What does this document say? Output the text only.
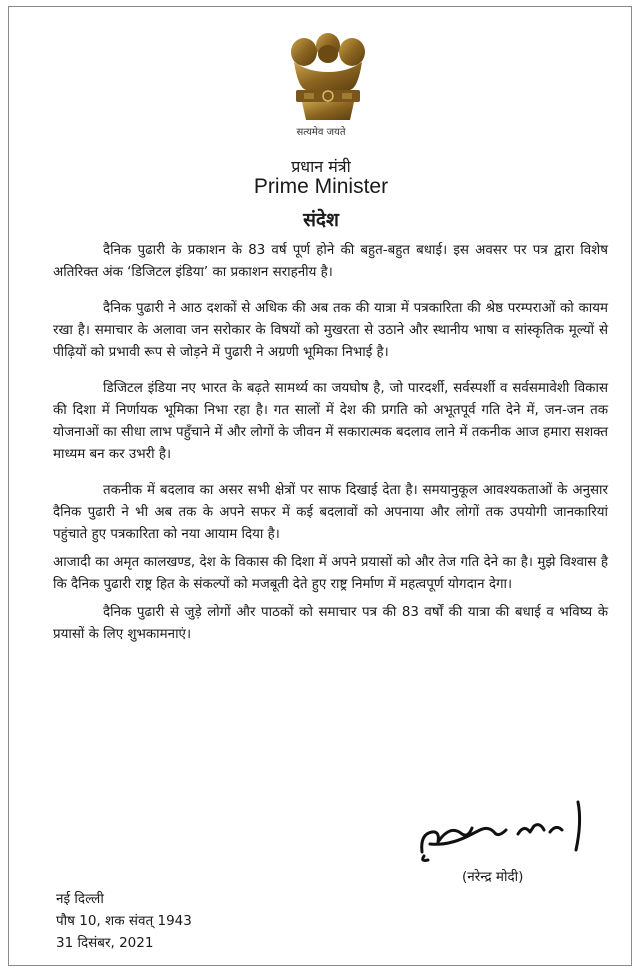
सत्यमेव जयते
प्रधान मंत्री
Prime Minister
संदेश

दैनिक पुढारी के प्रकाशन के 83 वर्ष पूर्ण होने की बहुत-बहुत बधाई। इस अवसर पर पत्र द्वारा विशेष अतिरिक्त अंक ‘डिजिटल इंडिया’ का प्रकाशन सराहनीय है।

दैनिक पुढारी ने आठ दशकों से अधिक की अब तक की यात्रा में पत्रकारिता की श्रेष्ठ परम्पराओं को कायम रखा है। समाचार के अलावा जन सरोकार के विषयों को मुखरता से उठाने और स्थानीय भाषा व सांस्कृतिक मूल्यों से पीढ़ियों को प्रभावी रूप से जोड़ने में पुढारी ने अग्रणी भूमिका निभाई है।

डिजिटल इंडिया नए भारत के बढ़ते सामर्थ्य का जयघोष है, जो पारदर्शी, सर्वस्पर्शी व सर्वसमावेशी विकास की दिशा में निर्णायक भूमिका निभा रहा है। गत सालों में देश की प्रगति को अभूतपूर्व गति देने में, जन-जन तक योजनाओं का सीधा लाभ पहुँचाने में और लोगों के जीवन में सकारात्मक बदलाव लाने में तकनीक आज हमारा सशक्त माध्यम बन कर उभरी है।

तकनीक में बदलाव का असर सभी क्षेत्रों पर साफ दिखाई देता है। समयानुकूल आवश्यकताओं के अनुसार दैनिक पुढारी ने भी अब तक के अपने सफर में कई बदलावों को अपनाया और लोगों तक उपयोगी जानकारियां पहुंचाते हुए पत्रकारिता को नया आयाम दिया है।

आजादी का अमृत कालखण्ड, देश के विकास की दिशा में अपने प्रयासों को और तेज गति देने का है। मुझे विश्वास है कि दैनिक पुढारी राष्ट्र हित के संकल्पों को मजबूती देते हुए राष्ट्र निर्माण में महत्वपूर्ण योगदान देगा।

दैनिक पुढारी से जुड़े लोगों और पाठकों को समाचार पत्र की 83 वर्षों की यात्रा की बधाई व भविष्य के प्रयासों के लिए शुभकामनाएं।

(नरेन्द्र मोदी)
नई दिल्ली
पौष 10, शक संवत् 1943
31 दिसंबर, 2021
